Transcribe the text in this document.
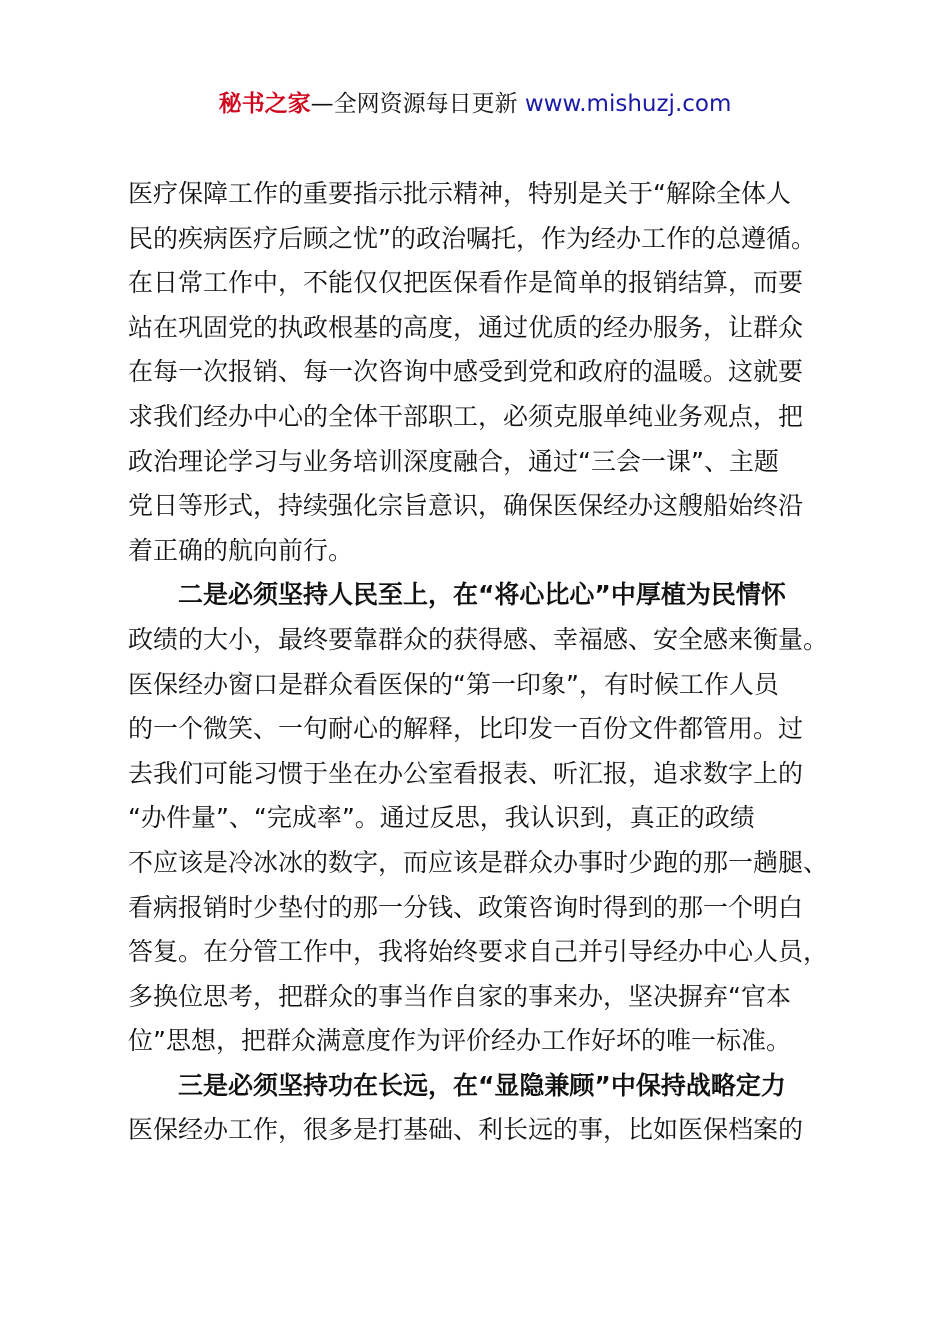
秘书之家—全网资源每日更新 www.mishuzj.com
医疗保障工作的重要指示批示精神，特别是关于“解除全体人
民的疾病医疗后顾之忧”的政治嘱托，作为经办工作的总遵循。
在日常工作中，不能仅仅把医保看作是简单的报销结算，而要
站在巩固党的执政根基的高度，通过优质的经办服务，让群众
在每一次报销、每一次咨询中感受到党和政府的温暖。这就要
求我们经办中心的全体干部职工，必须克服单纯业务观点，把
政治理论学习与业务培训深度融合，通过“三会一课”、主题
党日等形式，持续强化宗旨意识，确保医保经办这艘船始终沿
着正确的航向前行。
二是必须坚持人民至上，在“将心比心”中厚植为民情怀
政绩的大小，最终要靠群众的获得感、幸福感、安全感来衡量。
医保经办窗口是群众看医保的“第一印象”，有时候工作人员
的一个微笑、一句耐心的解释，比印发一百份文件都管用。过
去我们可能习惯于坐在办公室看报表、听汇报，追求数字上的
“办件量”、“完成率”。通过反思，我认识到，真正的政绩
不应该是冷冰冰的数字，而应该是群众办事时少跑的那一趟腿、
看病报销时少垫付的那一分钱、政策咨询时得到的那一个明白
答复。在分管工作中，我将始终要求自己并引导经办中心人员，
多换位思考，把群众的事当作自家的事来办，坚决摒弃“官本
位”思想，把群众满意度作为评价经办工作好坏的唯一标准。
三是必须坚持功在长远，在“显隐兼顾”中保持战略定力
医保经办工作，很多是打基础、利长远的事，比如医保档案的
